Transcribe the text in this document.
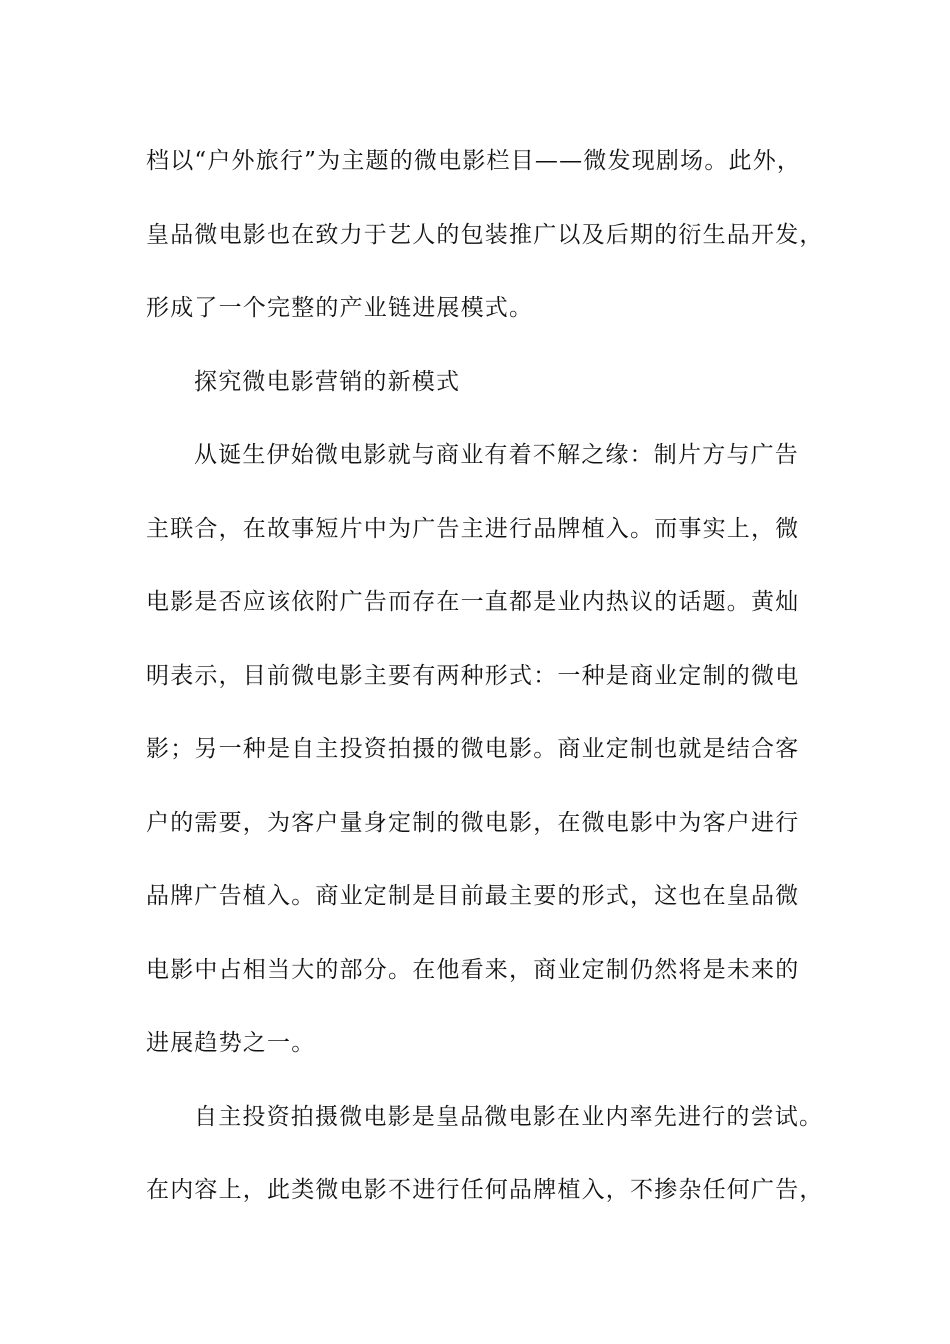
档以“户外旅行”为主题的微电影栏目——微发现剧场。此外，
皇品微电影也在致力于艺人的包装推广以及后期的衍生品开发，
形成了一个完整的产业链进展模式。
探究微电影营销的新模式
从诞生伊始微电影就与商业有着不解之缘：制片方与广告
主联合，在故事短片中为广告主进行品牌植入。而事实上，微
电影是否应该依附广告而存在一直都是业内热议的话题。黄灿
明表示，目前微电影主要有两种形式：一种是商业定制的微电
影；另一种是自主投资拍摄的微电影。商业定制也就是结合客
户的需要，为客户量身定制的微电影，在微电影中为客户进行
品牌广告植入。商业定制是目前最主要的形式，这也在皇品微
电影中占相当大的部分。在他看来，商业定制仍然将是未来的
进展趋势之一。
自主投资拍摄微电影是皇品微电影在业内率先进行的尝试。
在内容上，此类微电影不进行任何品牌植入，不掺杂任何广告，
